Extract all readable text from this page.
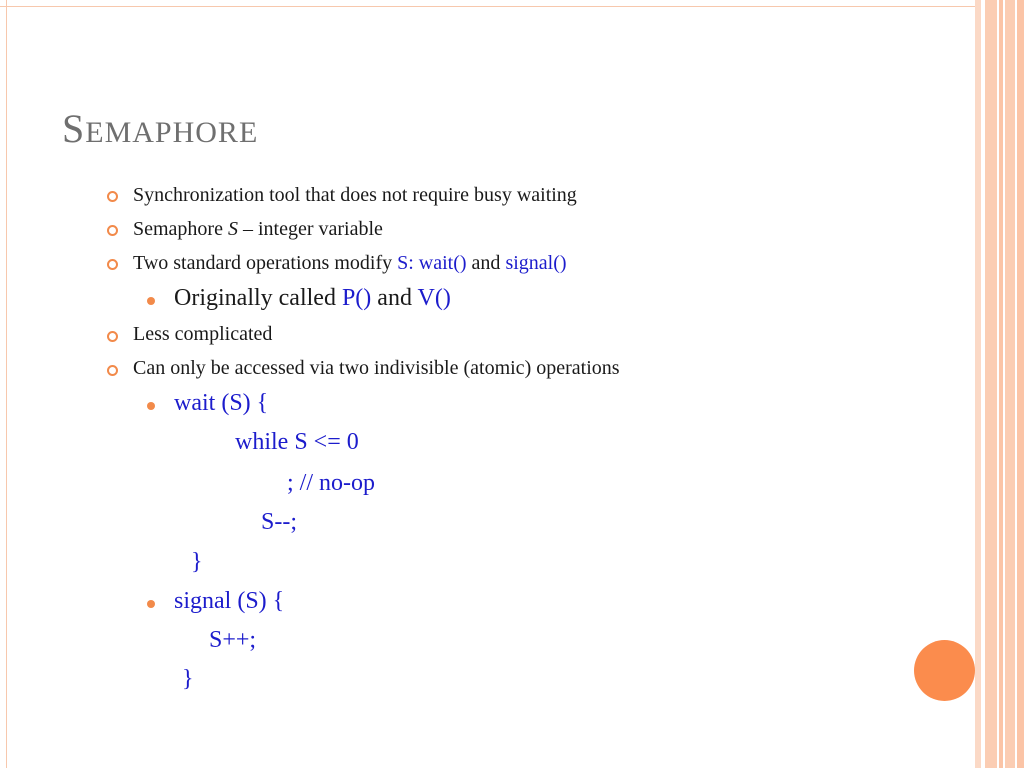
SEMAPHORE
Synchronization tool that does not require busy waiting
Semaphore S – integer variable
Two standard operations modify S: wait() and signal()
Originally called P() and V()
Less complicated
Can only be accessed via two indivisible (atomic) operations
wait (S) {
while S <= 0
; // no-op
S--;
}
signal (S) {
S++;
}
